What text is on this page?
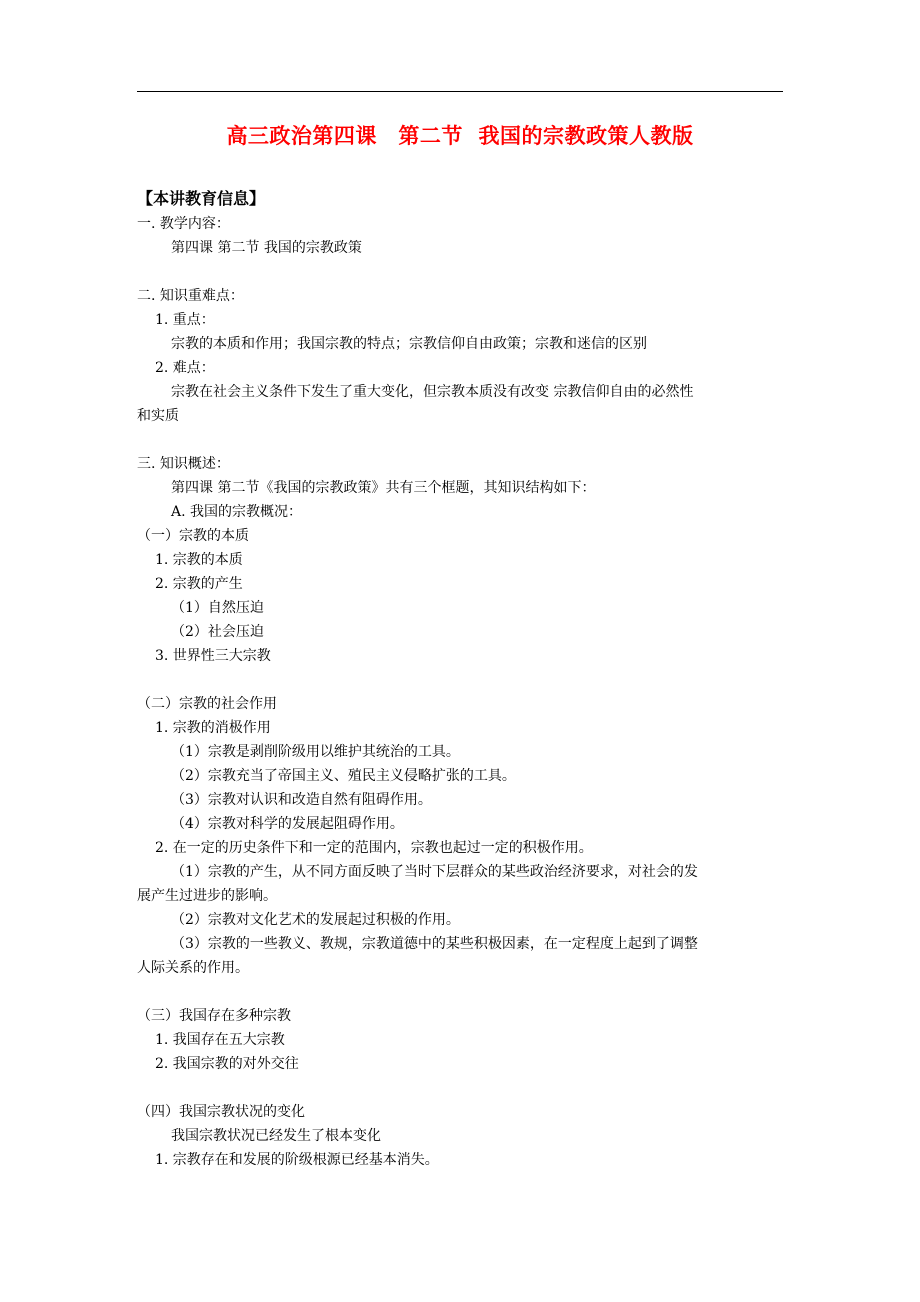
高三政治第四课　第二节  我国的宗教政策人教版
【本讲教育信息】
一. 教学内容：
第四课 第二节 我国的宗教政策
二. 知识重难点：
1. 重点：
宗教的本质和作用；我国宗教的特点；宗教信仰自由政策；宗教和迷信的区别
2. 难点：
宗教在社会主义条件下发生了重大变化，但宗教本质没有改变 宗教信仰自由的必然性
和实质
三. 知识概述：
第四课 第二节《我国的宗教政策》共有三个框题，其知识结构如下：
A. 我国的宗教概况：
（一）宗教的本质
1. 宗教的本质
2. 宗教的产生
（1）自然压迫
（2）社会压迫
3. 世界性三大宗教
（二）宗教的社会作用
1. 宗教的消极作用
（1）宗教是剥削阶级用以维护其统治的工具。
（2）宗教充当了帝国主义、殖民主义侵略扩张的工具。
（3）宗教对认识和改造自然有阻碍作用。
（4）宗教对科学的发展起阻碍作用。
2. 在一定的历史条件下和一定的范围内，宗教也起过一定的积极作用。
（1）宗教的产生，从不同方面反映了当时下层群众的某些政治经济要求，对社会的发
展产生过进步的影响。
（2）宗教对文化艺术的发展起过积极的作用。
（3）宗教的一些教义、教规，宗教道德中的某些积极因素，在一定程度上起到了调整
人际关系的作用。
（三）我国存在多种宗教
1. 我国存在五大宗教
2. 我国宗教的对外交往
（四）我国宗教状况的变化
我国宗教状况已经发生了根本变化
1. 宗教存在和发展的阶级根源已经基本消失。
